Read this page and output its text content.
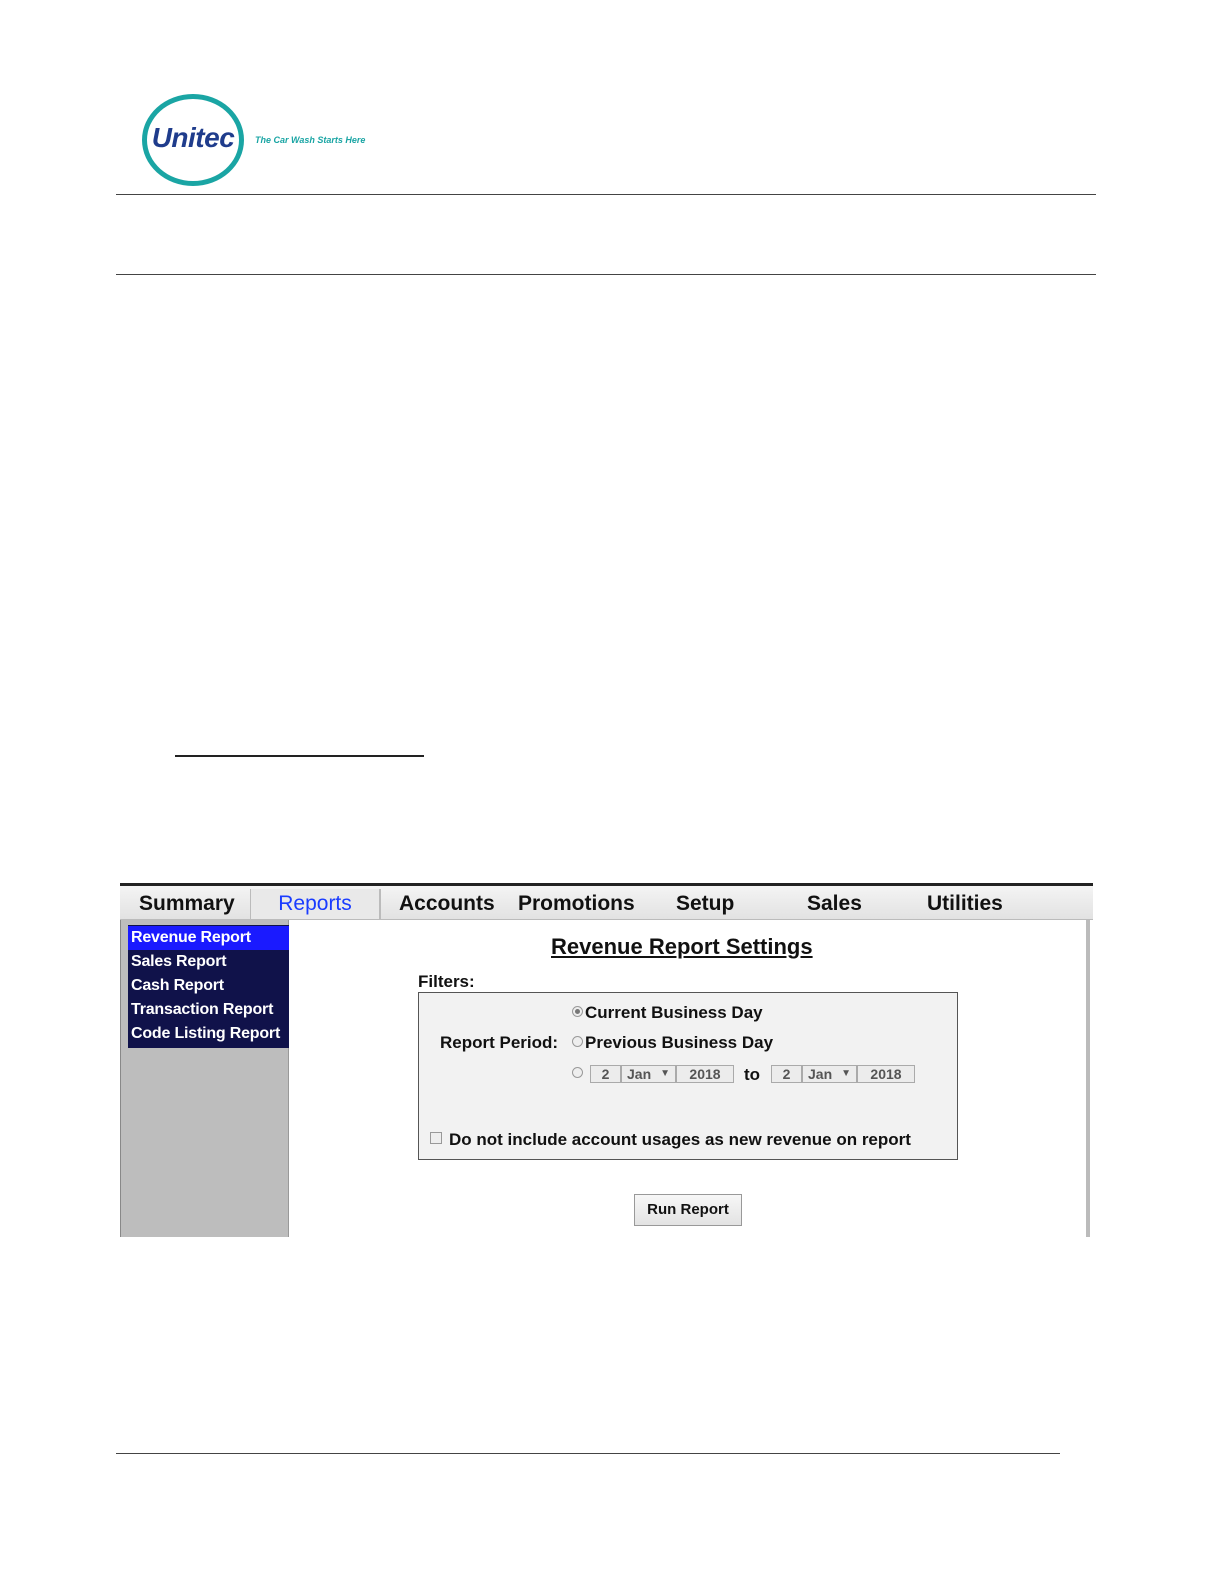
Unitec	The Car Wash Starts Here
Summary	Reports	Accounts Promotions Setup	Sales	Utilities
Revenue Report
Sales Report
Cash Report
Transaction Report
Code Listing Report
Revenue Report Settings
Filters:
Report Period:
Current Business Day
Previous Business Day
2	Jan ▼	2018	to	2	Jan ▼	2018
Do not include account usages as new revenue on report
Run Report
